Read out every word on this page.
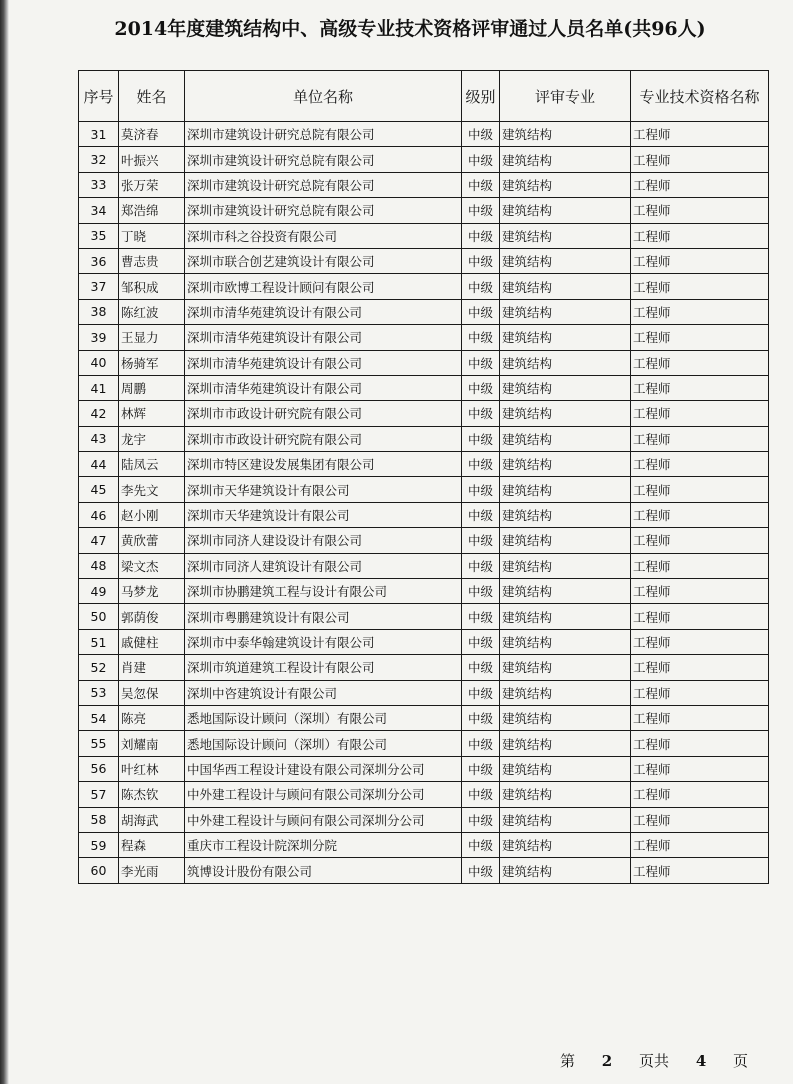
2014年度建筑结构中、高级专业技术资格评审通过人员名单(共96人)
序号	姓名	单位名称	级别	评审专业	专业技术资格名称
31	莫济春	深圳市建筑设计研究总院有限公司	中级	建筑结构	工程师
32	叶振兴	深圳市建筑设计研究总院有限公司	中级	建筑结构	工程师
33	张万荣	深圳市建筑设计研究总院有限公司	中级	建筑结构	工程师
34	郑浩绵	深圳市建筑设计研究总院有限公司	中级	建筑结构	工程师
35	丁晓	深圳市科之谷投资有限公司	中级	建筑结构	工程师
36	曹志贵	深圳市联合创艺建筑设计有限公司	中级	建筑结构	工程师
37	邹积成	深圳市欧博工程设计顾问有限公司	中级	建筑结构	工程师
38	陈红波	深圳市清华苑建筑设计有限公司	中级	建筑结构	工程师
39	王显力	深圳市清华苑建筑设计有限公司	中级	建筑结构	工程师
40	杨骑军	深圳市清华苑建筑设计有限公司	中级	建筑结构	工程师
41	周鹏	深圳市清华苑建筑设计有限公司	中级	建筑结构	工程师
42	林辉	深圳市市政设计研究院有限公司	中级	建筑结构	工程师
43	龙宇	深圳市市政设计研究院有限公司	中级	建筑结构	工程师
44	陆凤云	深圳市特区建设发展集团有限公司	中级	建筑结构	工程师
45	李先文	深圳市天华建筑设计有限公司	中级	建筑结构	工程师
46	赵小刚	深圳市天华建筑设计有限公司	中级	建筑结构	工程师
47	黄欣蕾	深圳市同济人建设设计有限公司	中级	建筑结构	工程师
48	梁文杰	深圳市同济人建筑设计有限公司	中级	建筑结构	工程师
49	马梦龙	深圳市协鹏建筑工程与设计有限公司	中级	建筑结构	工程师
50	郭荫俊	深圳市粤鹏建筑设计有限公司	中级	建筑结构	工程师
51	戚健柱	深圳市中泰华翰建筑设计有限公司	中级	建筑结构	工程师
52	肖建	深圳市筑道建筑工程设计有限公司	中级	建筑结构	工程师
53	吴忽保	深圳中咨建筑设计有限公司	中级	建筑结构	工程师
54	陈亮	悉地国际设计顾问（深圳）有限公司	中级	建筑结构	工程师
55	刘耀南	悉地国际设计顾问（深圳）有限公司	中级	建筑结构	工程师
56	叶红林	中国华西工程设计建设有限公司深圳分公司	中级	建筑结构	工程师
57	陈杰钦	中外建工程设计与顾问有限公司深圳分公司	中级	建筑结构	工程师
58	胡海武	中外建工程设计与顾问有限公司深圳分公司	中级	建筑结构	工程师
59	程森	重庆市工程设计院深圳分院	中级	建筑结构	工程师
60	李光雨	筑博设计股份有限公司	中级	建筑结构	工程师
第 2 页共 4 页
